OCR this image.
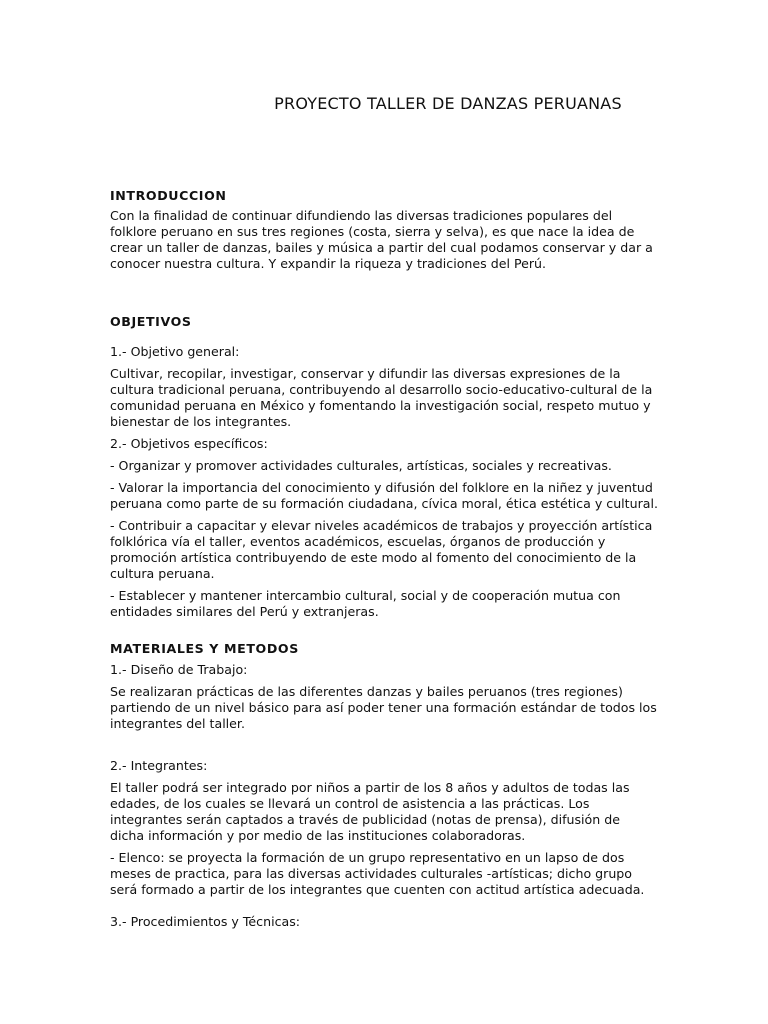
PROYECTO TALLER DE DANZAS PERUANAS

INTRODUCCION

Con la finalidad de continuar difundiendo las diversas tradiciones populares del folklore peruano en sus tres regiones (costa, sierra y selva), es que nace la idea de crear un taller de danzas, bailes y música a partir del cual podamos conservar y dar a conocer nuestra cultura. Y expandir la riqueza y tradiciones del Perú.

OBJETIVOS

1.- Objetivo general:

Cultivar, recopilar, investigar, conservar y difundir las diversas expresiones de la cultura tradicional peruana, contribuyendo al desarrollo socio-educativo-cultural de la comunidad peruana en México y fomentando la investigación social, respeto mutuo y bienestar de los integrantes.

2.- Objetivos específicos:

- Organizar y promover actividades culturales, artísticas, sociales y recreativas.

- Valorar la importancia del conocimiento y difusión del folklore en la niñez y juventud peruana como parte de su formación ciudadana, cívica moral, ética estética y cultural.

- Contribuir a capacitar y elevar niveles académicos de trabajos y proyección artística folklórica vía el taller, eventos académicos, escuelas, órganos de producción y promoción artística contribuyendo de este modo al fomento del conocimiento de la cultura peruana.

- Establecer y mantener intercambio cultural, social y de cooperación mutua con entidades similares del Perú y extranjeras.

MATERIALES Y METODOS

1.- Diseño de Trabajo:

Se realizaran prácticas de las diferentes danzas y bailes peruanos (tres regiones) partiendo de un nivel básico para así poder tener una formación estándar de todos los integrantes del taller.

2.- Integrantes:

El taller podrá ser integrado por niños a partir de los 8 años y adultos de todas las edades, de los cuales se llevará un control de asistencia a las prácticas. Los integrantes serán captados a través de publicidad (notas de prensa), difusión de dicha información y por medio de las instituciones colaboradoras.

- Elenco: se proyecta la formación de un grupo representativo en un lapso de dos meses de practica, para las diversas actividades culturales -artísticas; dicho grupo será formado a partir de los integrantes que cuenten con actitud artística adecuada.

3.- Procedimientos y Técnicas:
